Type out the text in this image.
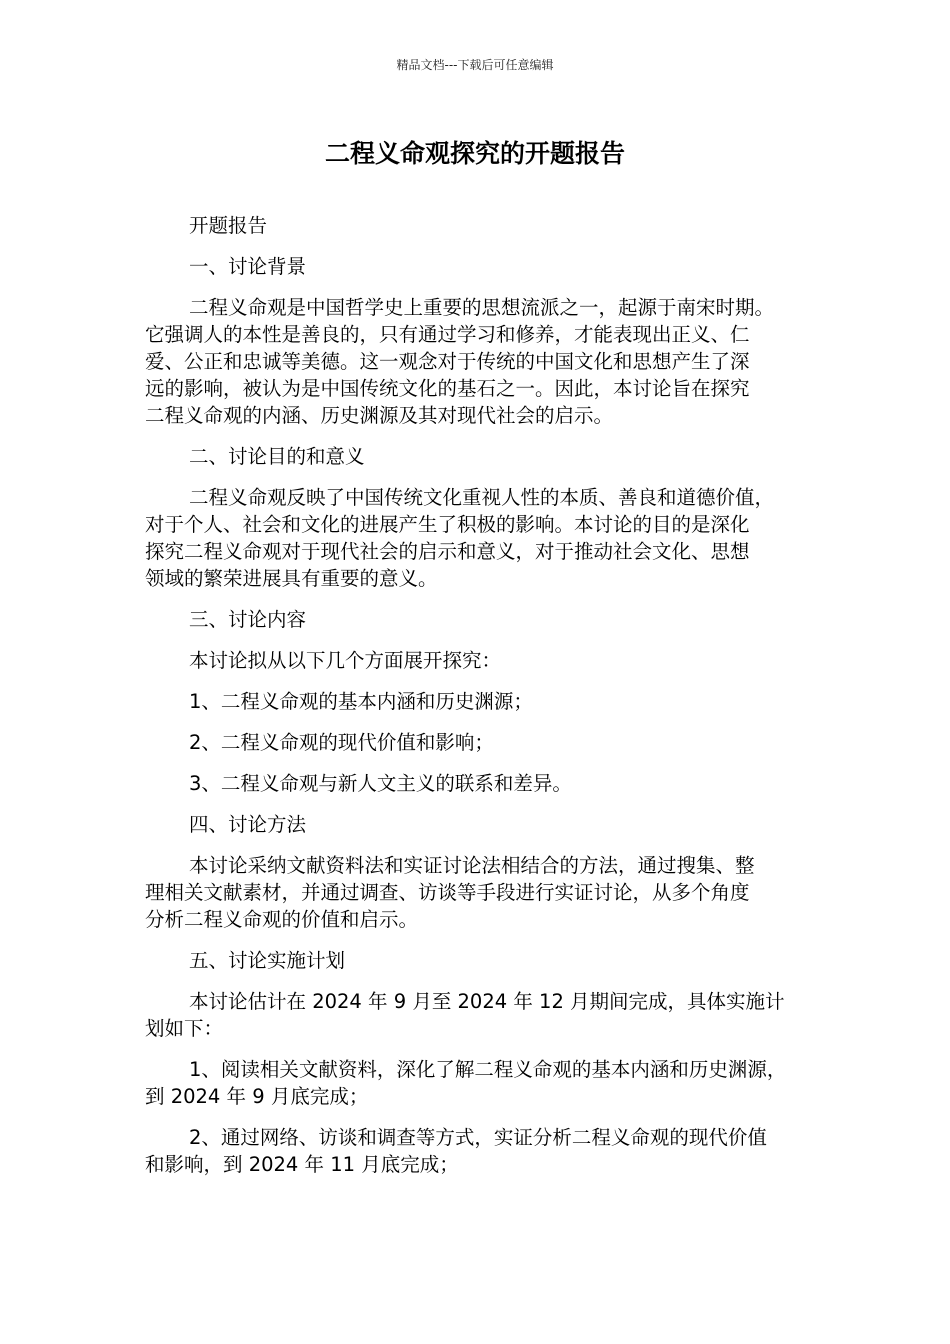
精品文档---下载后可任意编辑
二程义命观探究的开题报告

开题报告

一、讨论背景

二程义命观是中国哲学史上重要的思想流派之一，起源于南宋时期。
它强调人的本性是善良的，只有通过学习和修养，才能表现出正义、仁
爱、公正和忠诚等美德。这一观念对于传统的中国文化和思想产生了深
远的影响，被认为是中国传统文化的基石之一。因此，本讨论旨在探究
二程义命观的内涵、历史渊源及其对现代社会的启示。

二、讨论目的和意义

二程义命观反映了中国传统文化重视人性的本质、善良和道德价值，
对于个人、社会和文化的进展产生了积极的影响。本讨论的目的是深化
探究二程义命观对于现代社会的启示和意义，对于推动社会文化、思想
领域的繁荣进展具有重要的意义。

三、讨论内容

本讨论拟从以下几个方面展开探究：

1、二程义命观的基本内涵和历史渊源；

2、二程义命观的现代价值和影响；

3、二程义命观与新人文主义的联系和差异。

四、讨论方法

本讨论采纳文献资料法和实证讨论法相结合的方法，通过搜集、整
理相关文献素材，并通过调查、访谈等手段进行实证讨论，从多个角度
分析二程义命观的价值和启示。

五、讨论实施计划

本讨论估计在 2024 年 9 月至 2024 年 12 月期间完成，具体实施计
划如下：

1、阅读相关文献资料，深化了解二程义命观的基本内涵和历史渊源，
到 2024 年 9 月底完成；

2、通过网络、访谈和调查等方式，实证分析二程义命观的现代价值
和影响，到 2024 年 11 月底完成；
